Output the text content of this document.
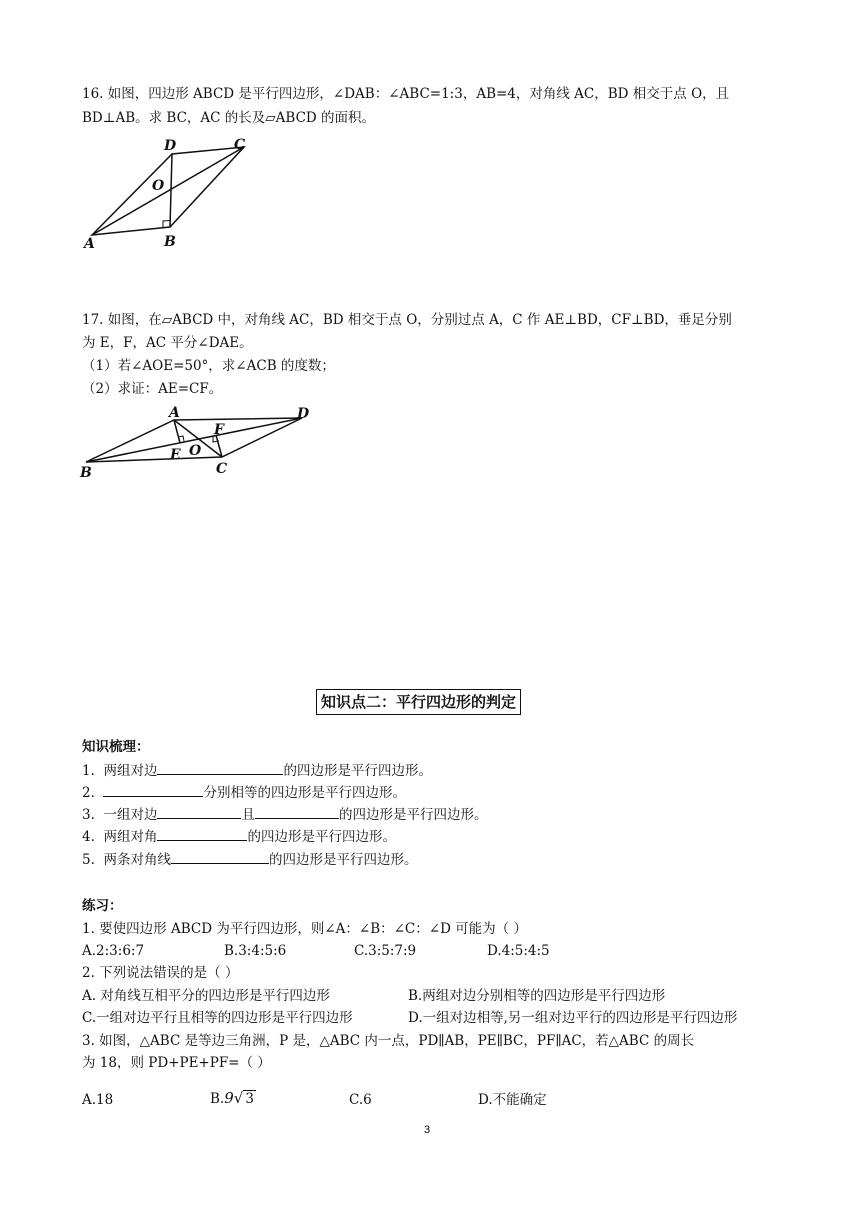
16. 如图，四边形 ABCD 是平行四边形，∠DAB：∠ABC=1:3，AB=4，对角线 AC，BD 相交于点 O，且
BD⊥AB。求 BC，AC 的长及▱ABCD 的面积。
A	B
C
D
O
17. 如图，在▱ABCD 中，对角线 AC，BD 相交于点 O，分别过点 A，C 作 AE⊥BD，CF⊥BD，垂足分别
为 E，F，AC 平分∠DAE。
（1）若∠AOE=50°，求∠ACB 的度数；
（2）求证：AE=CF。
A
B	C
D
E
F
O
知识点二：平行四边形的判定
知识梳理：
1. 两组对边	的四边形是平行四边形。
2.	分别相等的四边形是平行四边形。
3. 一组对边	且	的四边形是平行四边形。
4. 两组对角	的四边形是平行四边形。
5. 两条对角线	的四边形是平行四边形。
练习：
1. 要使四边形 ABCD 为平行四边形，则∠A：∠B：∠C：∠D 可能为（ ）
A.2:3:6:7	B.3:4:5:6	C.3:5:7:9	D.4:5:4:5
2. 下列说法错误的是（ ）
A. 对角线互相平分的四边形是平行四边形	B.两组对边分别相等的四边形是平行四边形
C.一组对边平行且相等的四边形是平行四边形	D.一组对边相等,另一组对边平行的四边形是平行四边形
3. 如图，△ABC 是等边三角洲，P 是，△ABC 内一点，PD∥AB，PE∥BC，PF∥AC，若△ABC 的周长
为 18，则 PD+PE+PF=（ ）
A.18	B.9√ 3	C.6	D.不能确定
3
